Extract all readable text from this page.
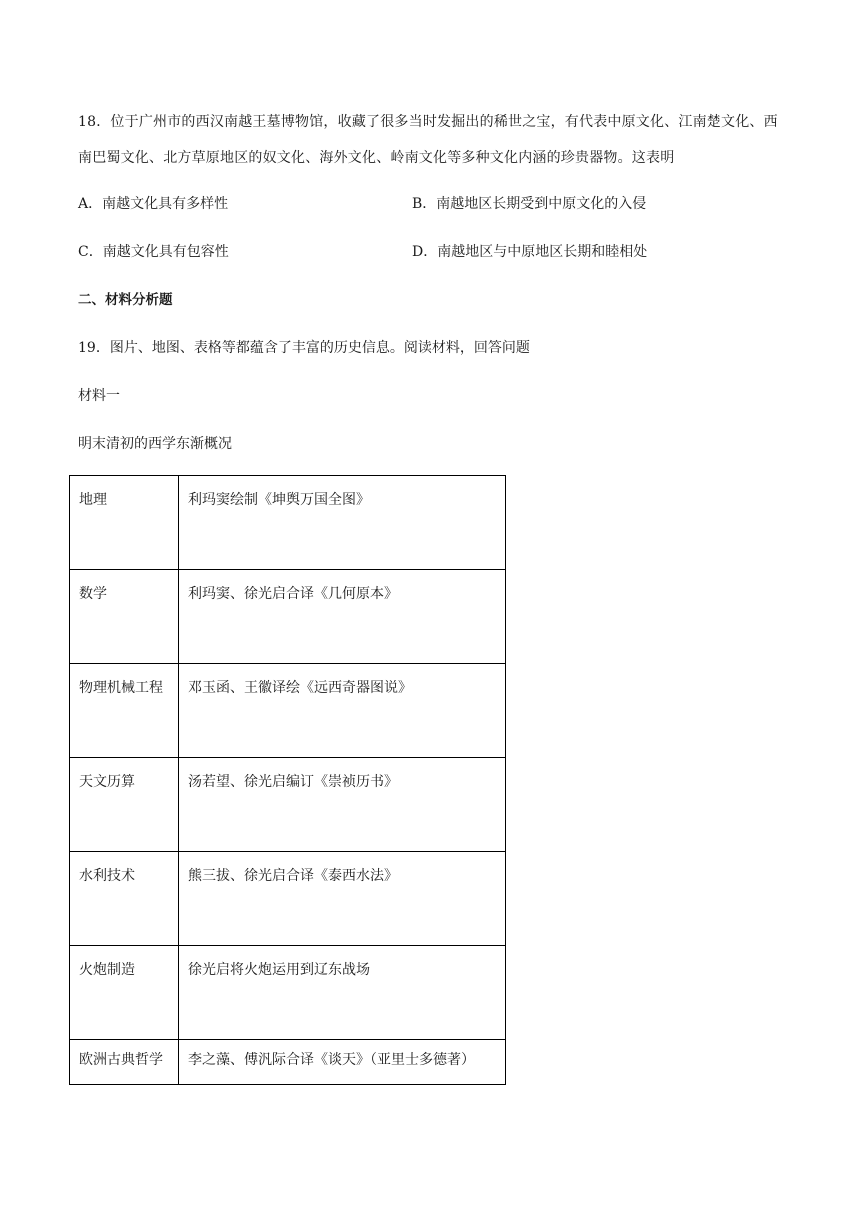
18．位于广州市的西汉南越王墓博物馆，收藏了很多当时发掘出的稀世之宝，有代表中原文化、江南楚文化、西南巴蜀文化、北方草原地区的奴文化、海外文化、岭南文化等多种文化内涵的珍贵器物。这表明
A．南越文化具有多样性	B．南越地区长期受到中原文化的入侵
C．南越文化具有包容性	D．南越地区与中原地区长期和睦相处
二、材料分析题
19．图片、地图、表格等都蕴含了丰富的历史信息。阅读材料，回答问题
材料一
明末清初的西学东渐概况
地理	利玛窦绘制《坤舆万国全图》
数学	利玛窦、徐光启合译《几何原本》
物理机械工程	邓玉函、王徽译绘《远西奇器图说》
天文历算	汤若望、徐光启编订《崇祯历书》
水利技术	熊三拔、徐光启合译《泰西水法》
火炮制造	徐光启将火炮运用到辽东战场
欧洲古典哲学	李之藻、傅汎际合译《谈天》（亚里士多德著）
